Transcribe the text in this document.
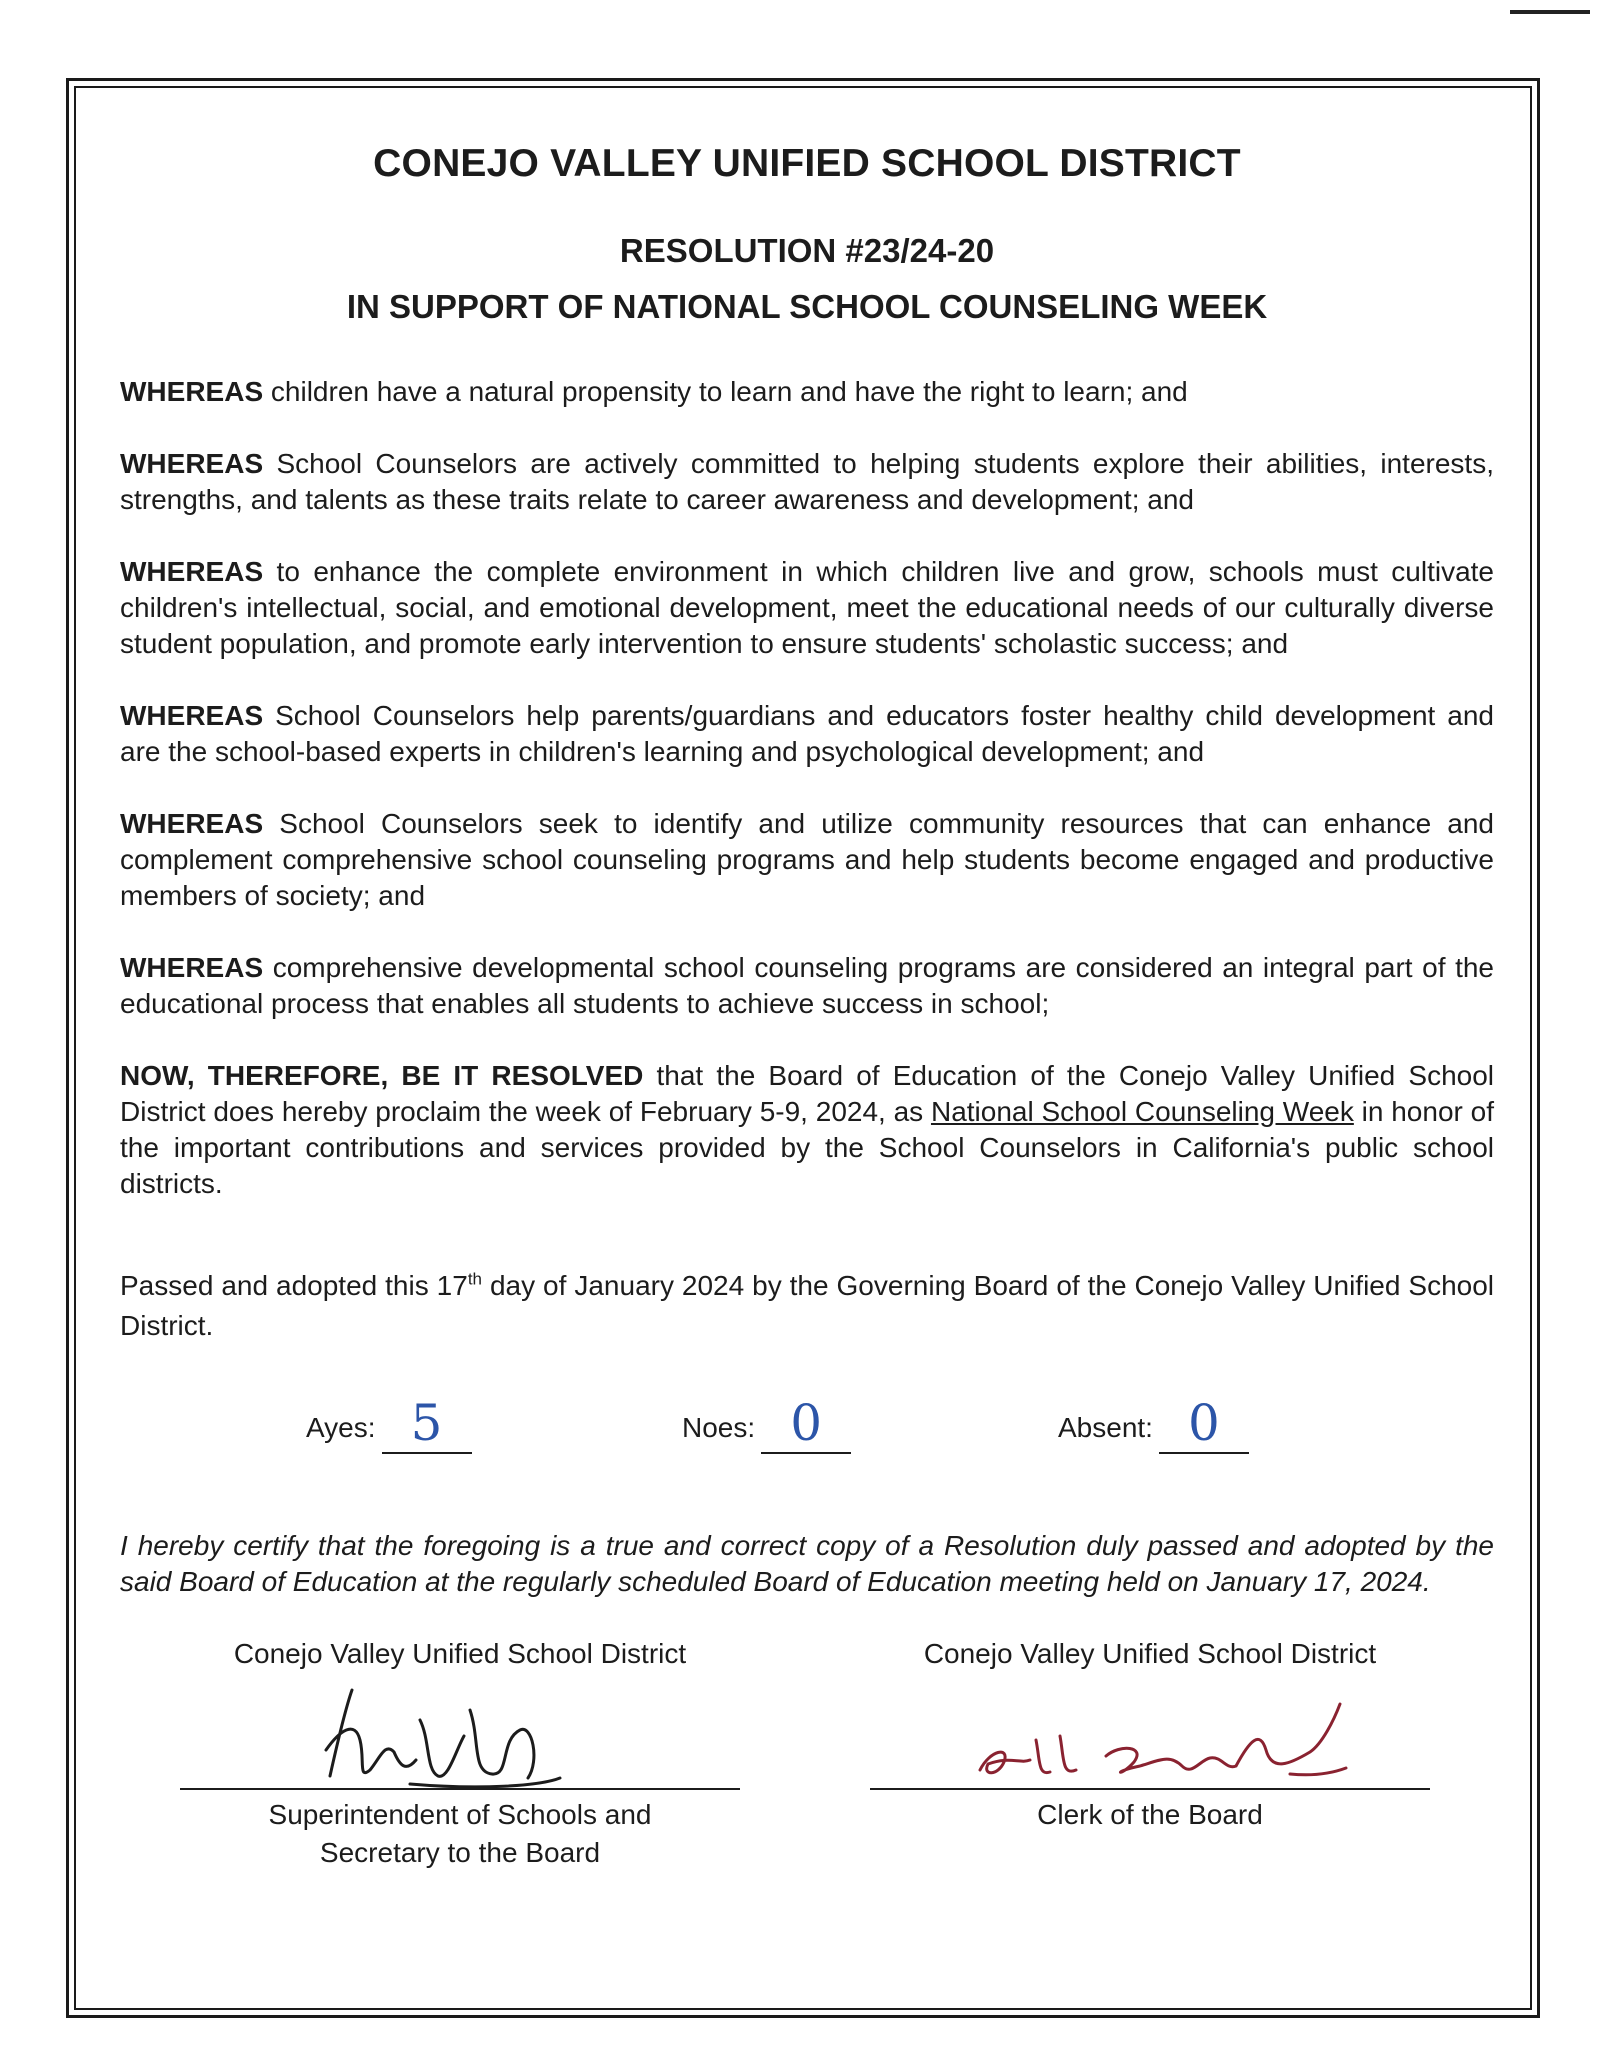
CONEJO VALLEY UNIFIED SCHOOL DISTRICT
RESOLUTION #23/24-20
IN SUPPORT OF NATIONAL SCHOOL COUNSELING WEEK

WHEREAS children have a natural propensity to learn and have the right to learn; and

WHEREAS School Counselors are actively committed to helping students explore their abilities, interests, strengths, and talents as these traits relate to career awareness and development; and

WHEREAS to enhance the complete environment in which children live and grow, schools must cultivate children's intellectual, social, and emotional development, meet the educational needs of our culturally diverse student population, and promote early intervention to ensure students' scholastic success; and

WHEREAS School Counselors help parents/guardians and educators foster healthy child development and are the school-based experts in children's learning and psychological development; and

WHEREAS School Counselors seek to identify and utilize community resources that can enhance and complement comprehensive school counseling programs and help students become engaged and productive members of society; and

WHEREAS comprehensive developmental school counseling programs are considered an integral part of the educational process that enables all students to achieve success in school;

NOW, THEREFORE, BE IT RESOLVED that the Board of Education of the Conejo Valley Unified School District does hereby proclaim the week of February 5-9, 2024, as National School Counseling Week in honor of the important contributions and services provided by the School Counselors in California's public school districts.

Passed and adopted this 17th day of January 2024 by the Governing Board of the Conejo Valley Unified School District.

Ayes: 5	Noes: 0	Absent: 0

I hereby certify that the foregoing is a true and correct copy of a Resolution duly passed and adopted by the said Board of Education at the regularly scheduled Board of Education meeting held on January 17, 2024.

Conejo Valley Unified School District

Superintendent of Schools and
Secretary to the Board

Conejo Valley Unified School District

Clerk of the Board
